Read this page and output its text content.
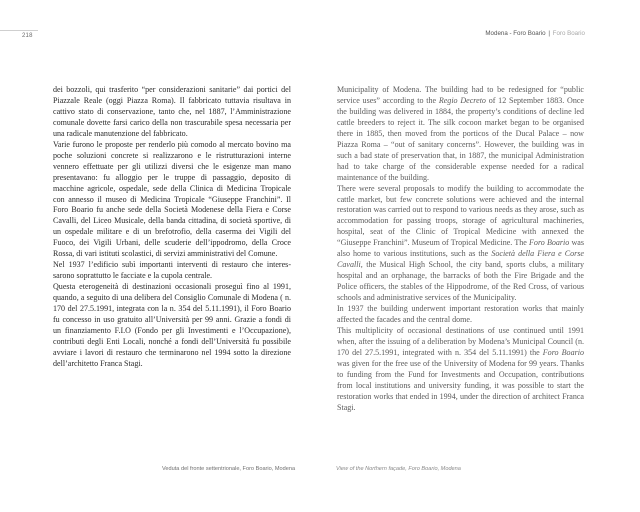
218	Modena - Foro Boario | Foro Boario

dei bozzoli, qui trasferito “per considerazioni sanitarie” dai portici del Piazzale Reale (oggi Piazza Roma). Il fabbricato tuttavia risultava in cattivo stato di conservazione, tanto che, nel 1887, l’Amministrazione comunale dovette farsi carico della non trascurabile spesa necessaria per una radicale manutenzione del fabbricato.

Varie furono le proposte per renderlo più comodo al mercato bovino ma poche soluzioni concrete si realizzarono e le ristrutturazioni interne vennero effettuate per gli utilizzi diversi che le esigenze man mano presentavano: fu alloggio per le truppe di passaggio, deposito di macchine agricole, ospedale, sede della Clinica di Medicina Tropicale con annesso il museo di Medicina Tropicale “Giuseppe Franchini”. Il Foro Boario fu anche sede della Società Modenese della Fiera e Corse Cavalli, del Liceo Musicale, della banda cittadina, di società sportive, di un ospedale militare e di un brefotrofio, della caserma dei Vigili del Fuoco, dei Vigili Urbani, delle scuderie dell’ippodromo, della Croce Rossa, di vari istituti scolastici, di servizi amministrativi del Comune.

Nel 1937 l’edificio subì importanti interventi di restauro che interessarono soprattutto le facciate e la cupola centrale.

Questa eterogeneità di destinazioni occasionali proseguì fino al 1991, quando, a seguito di una delibera del Consiglio Comunale di Modena ( n. 170 del 27.5.1991, integrata con la n. 354 del 5.11.1991), il Foro Boario fu concesso in uso gratuito all’Università per 99 anni. Grazie a fondi di un finanziamento F.I.O (Fondo per gli Investimenti e l’Occupazione), contributi degli Enti Locali, nonché a fondi dell’Università fu possibile avviare i lavori di restauro che terminarono nel 1994 sotto la direzione dell’architetto Franca Stagi.

Municipality of Modena. The building had to be redesigned for “public service uses” according to the Regio Decreto of 12 September 1883. Once the building was delivered in 1884, the property’s conditions of decline led cattle breeders to reject it. The silk cocoon market began to be organised there in 1885, then moved from the porticos of the Ducal Palace – now Piazza Roma – “out of sanitary concerns”. However, the building was in such a bad state of preservation that, in 1887, the municipal Administration had to take charge of the considerable expense needed for a radical maintenance of the building.

There were several proposals to modify the building to accommodate the cattle market, but few concrete solutions were achieved and the internal restoration was carried out to respond to various needs as they arose, such as accommodation for passing troops, storage of agricultural machineries, hospital, seat of the Clinic of Tropical Medicine with annexed the “Giuseppe Franchini”. Museum of Tropical Medicine. The Foro Boario was also home to various institutions, such as the Società della Fiera e Corse Cavalli, the Musical High School, the city band, sports clubs, a military hospital and an orphanage, the barracks of both the Fire Brigade and the Police officers, the stables of the Hippodrome, of the Red Cross, of various schools and administrative services of the Municipality.

In 1937 the building underwent important restoration works that mainly affected the facades and the central dome.

This multiplicity of occasional destinations of use continued until 1991 when, after the issuing of a deliberation by Modena’s Municipal Council (n. 170 del 27.5.1991, integrated with n. 354 del 5.11.1991) the Foro Boario was given for the free use of the University of Modena for 99 years. Thanks to funding from the Fund for Investments and Occupation, contributions from local institutions and university funding, it was possible to start the restoration works that ended in 1994, under the direction of architect Franca Stagi.

Veduta del fronte settentrionale, Foro Boario, Modena	View of the Northern façade, Foro Boario, Modena
